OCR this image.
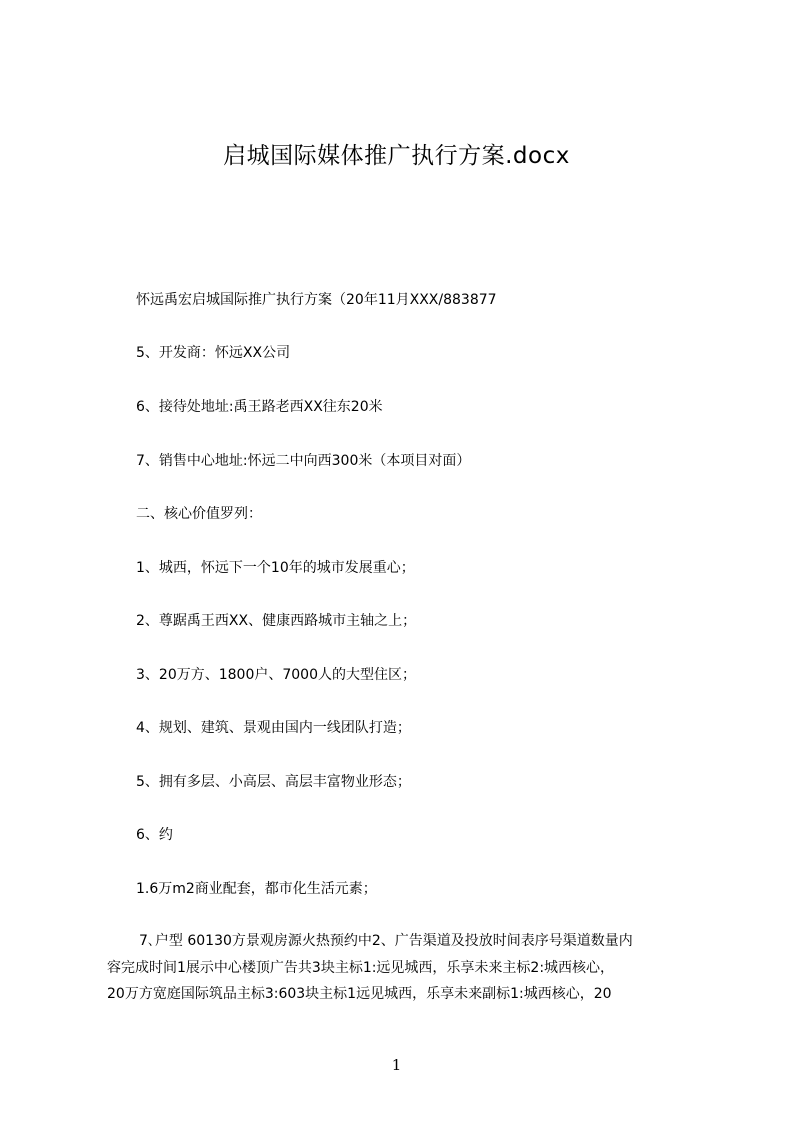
启城国际媒体推广执行方案.docx
怀远禹宏启城国际推广执行方案（20年11月XXX/883877
5、开发商：怀远XX公司
6、接待处地址:禹王路老西XX往东20米
7、销售中心地址:怀远二中向西300米（本项目对面）
二、核心价值罗列：
1、城西，怀远下一个10年的城市发展重心；
2、尊踞禹王西XX、健康西路城市主轴之上；
3、20万方、1800户、7000人的大型住区；
4、规划、建筑、景观由国内一线团队打造；
5、拥有多层、小高层、高层丰富物业形态；
6、约
1.6万m2商业配套，都市化生活元素；
7､户型 60130方景观房源火热预约中2、广告渠道及投放时间表序号渠道数量内
容完成时间1展示中心楼顶广告共3块主标1:远见城西，乐享未来主标2:城西核心，
20万方宽庭国际筑品主标3:603块主标1远见城西，乐享未来副标1:城西核心，20
1
